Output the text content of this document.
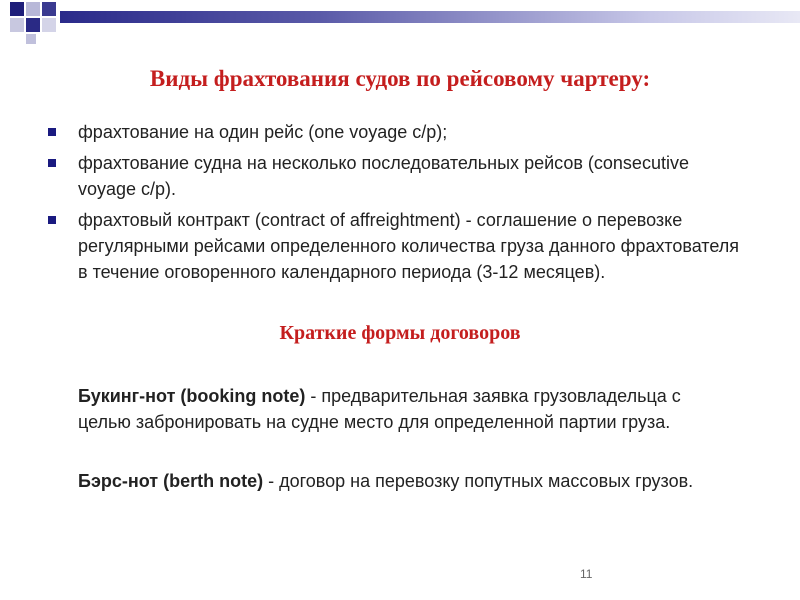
Виды фрахтования судов по рейсовому чартеру:
фрахтование на один рейс (one voyage c/p);
фрахтование судна на несколько последовательных рейсов (consecutive voyage c/p).
фрахтовый контракт (contract of affreightment) - соглашение о перевозке регулярными рейсами определенного количества груза данного фрахтователя в течение оговоренного календарного периода (3-12 месяцев).
Краткие формы договоров

Букинг-нот (booking note) - предварительная заявка грузовладельца с целью забронировать на судне место для определенной партии груза.

Бэрс-нот (berth note) - договор на перевозку попутных массовых грузов.

11
